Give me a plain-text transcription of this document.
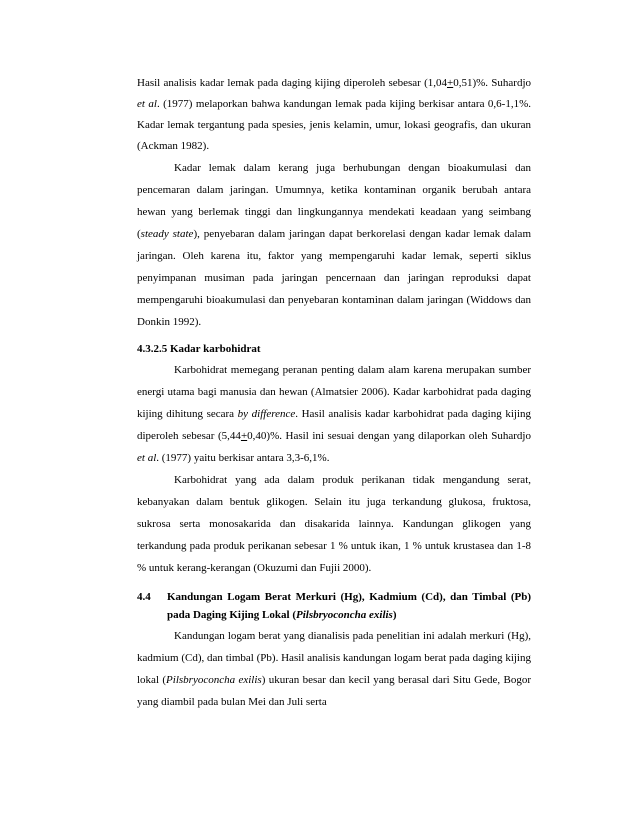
Hasil analisis kadar lemak pada daging kijing diperoleh sebesar (1,04+0,51)%. Suhardjo et al. (1977) melaporkan bahwa kandungan lemak pada kijing berkisar antara 0,6-1,1%. Kadar lemak tergantung pada spesies, jenis kelamin, umur, lokasi geografis, dan ukuran (Ackman 1982).

Kadar lemak dalam kerang juga berhubungan dengan bioakumulasi dan pencemaran dalam jaringan. Umumnya, ketika kontaminan organik berubah antara hewan yang berlemak tinggi dan lingkungannya mendekati keadaan yang seimbang (steady state), penyebaran dalam jaringan dapat berkorelasi dengan kadar lemak dalam jaringan. Oleh karena itu, faktor yang mempengaruhi kadar lemak, seperti siklus penyimpanan musiman pada jaringan pencernaan dan jaringan reproduksi dapat mempengaruhi bioakumulasi dan penyebaran kontaminan dalam jaringan (Widdows dan Donkin 1992).

4.3.2.5 Kadar karbohidrat

Karbohidrat memegang peranan penting dalam alam karena merupakan sumber energi utama bagi manusia dan hewan (Almatsier 2006). Kadar karbohidrat pada daging kijing dihitung secara by difference. Hasil analisis kadar karbohidrat pada daging kijing diperoleh sebesar (5,44+0,40)%. Hasil ini sesuai dengan yang dilaporkan oleh Suhardjo et al. (1977) yaitu berkisar antara 3,3-6,1%.

Karbohidrat yang ada dalam produk perikanan tidak mengandung serat, kebanyakan dalam bentuk glikogen. Selain itu juga terkandung glukosa, fruktosa, sukrosa serta monosakarida dan disakarida lainnya. Kandungan glikogen yang terkandung pada produk perikanan sebesar 1 % untuk ikan, 1 % untuk krustasea dan 1-8 % untuk kerang-kerangan (Okuzumi dan Fujii 2000).

4.4	Kandungan Logam Berat Merkuri (Hg), Kadmium (Cd), dan Timbal (Pb) pada Daging Kijing Lokal (Pilsbryoconcha exilis)

Kandungan logam berat yang dianalisis pada penelitian ini adalah merkuri (Hg), kadmium (Cd), dan timbal (Pb). Hasil analisis kandungan logam berat pada daging kijing lokal (Pilsbryoconcha exilis) ukuran besar dan kecil yang berasal dari Situ Gede, Bogor yang diambil pada bulan Mei dan Juli serta
